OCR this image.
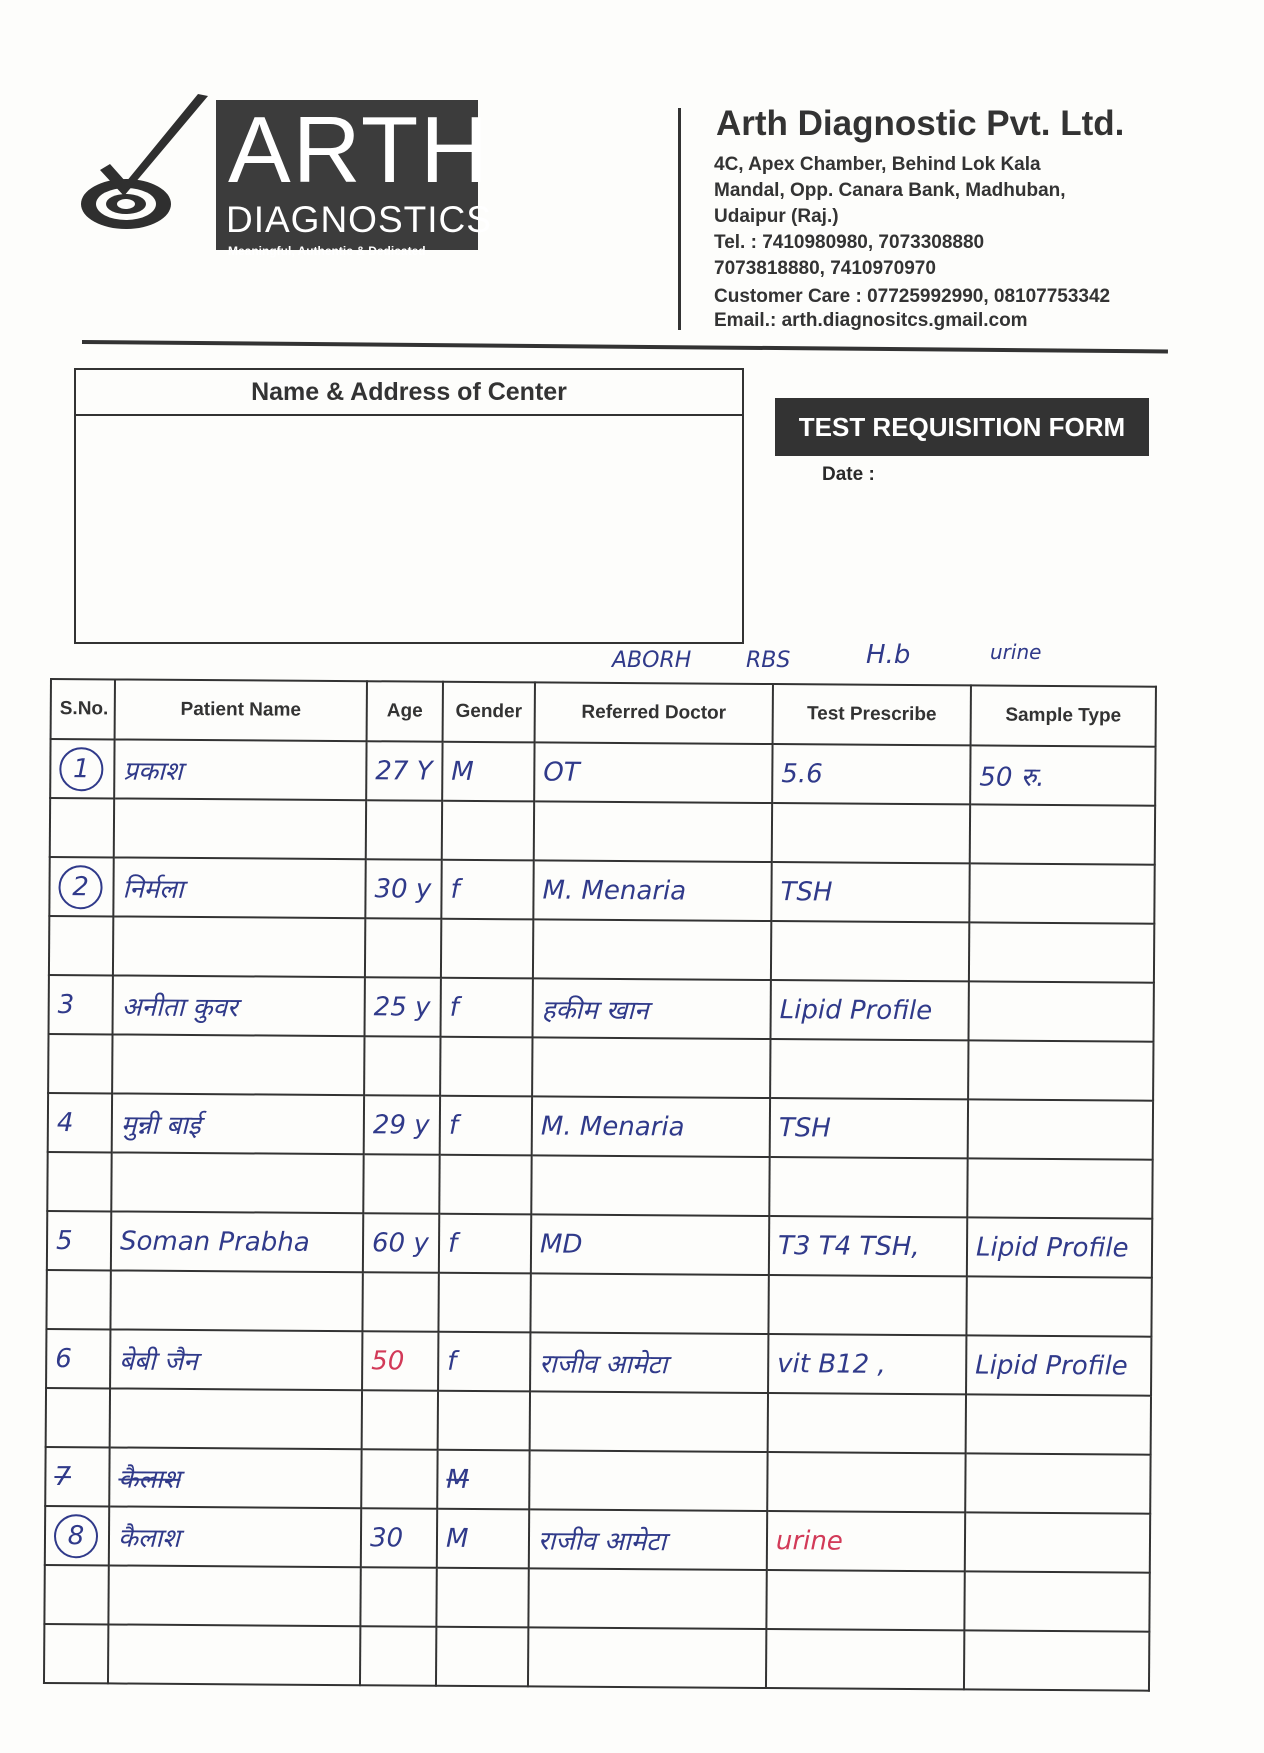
ARTH
DIAGNOSTICS
Meaningful, Authentic & Dedicated
Arth Diagnostic Pvt. Ltd.
4C, Apex Chamber, Behind Lok Kala
Mandal, Opp. Canara Bank, Madhuban,
Udaipur (Raj.)
Tel. : 7410980980, 7073308880
7073818880, 7410970970
Customer Care : 07725992990, 08107753342
Email.: arth.diagnositcs.gmail.com
Name & Address of Center
TEST REQUISITION FORM
Date :
ABORH RBS	H.b	urine
S.No.	Patient Name	Age	Gender	Referred Doctor	Test Prescribe	Sample Type
1	प्रकाश	27 Y	M	OT	5.6	50 रु.

2	निर्मला	30 y	f	M. Menaria	TSH	

3	अनीता कुवर	25 y	f	हकीम खान	Lipid Profile	

4	मुन्नी बाई	29 y	f	M. Menaria	TSH	

5	Soman Prabha	60 y	f	MD	T3 T4 TSH,	Lipid Profile

6	बेबी जैन	50	f	राजीव आमेटा	vit B12 ,	Lipid Profile

7	कैलाश		M			
8	कैलाश	30	M	राजीव आमेटा	urine	
